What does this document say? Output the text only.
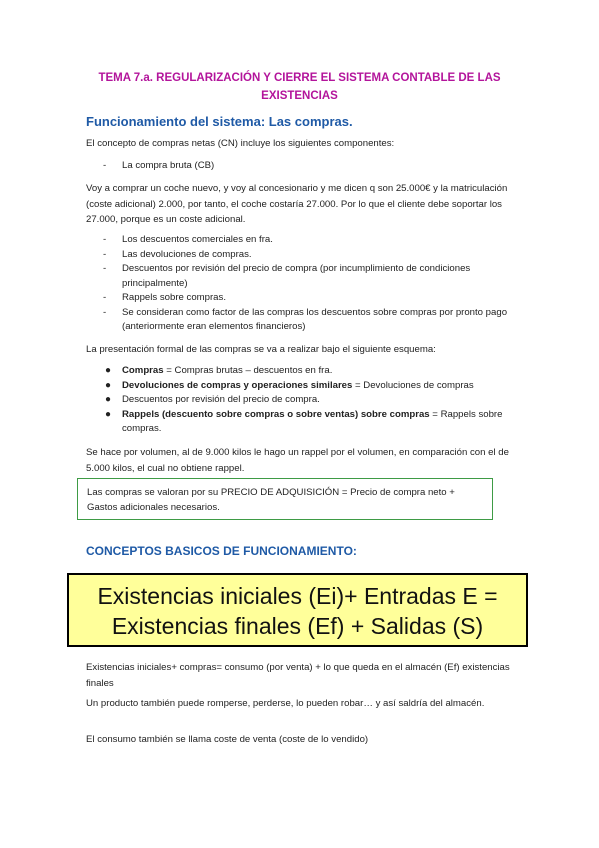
TEMA 7.a. REGULARIZACIÓN Y CIERRE EL SISTEMA CONTABLE DE LAS EXISTENCIAS
Funcionamiento del sistema: Las compras.
El concepto de compras netas (CN) incluye los siguientes componentes:
- La compra bruta (CB)
Voy a comprar un coche nuevo, y voy al concesionario y me dicen q son 25.000€ y la matriculación (coste adicional) 2.000, por tanto, el coche costaría 27.000. Por lo que el cliente debe soportar los 27.000, porque es un coste adicional.
- Los descuentos comerciales en fra.
- Las devoluciones de compras.
- Descuentos por revisión del precio de compra (por incumplimiento de condiciones principalmente)
- Rappels sobre compras.
- Se consideran como factor de las compras los descuentos sobre compras por pronto pago (anteriormente eran elementos financieros)
La presentación formal de las compras se va a realizar bajo el siguiente esquema:
● Compras = Compras brutas – descuentos en fra.
● Devoluciones de compras y operaciones similares = Devoluciones de compras
● Descuentos por revisión del precio de compra.
● Rappels (descuento sobre compras o sobre ventas) sobre compras = Rappels sobre compras.
Se hace por volumen, al de 9.000 kilos le hago un rappel por el volumen, en comparación con el de 5.000 kilos, el cual no obtiene rappel.
Las compras se valoran por su PRECIO DE ADQUISICIÓN = Precio de compra neto + Gastos adicionales necesarios.
CONCEPTOS BASICOS DE FUNCIONAMIENTO:
Existencias iniciales (Ei)+ Entradas E =
Existencias finales (Ef) + Salidas (S)
Existencias iniciales+ compras= consumo (por venta) + lo que queda en el almacén (Ef) existencias finales
Un producto también puede romperse, perderse, lo pueden robar… y así saldría del almacén.
El consumo también se llama coste de venta (coste de lo vendido)
